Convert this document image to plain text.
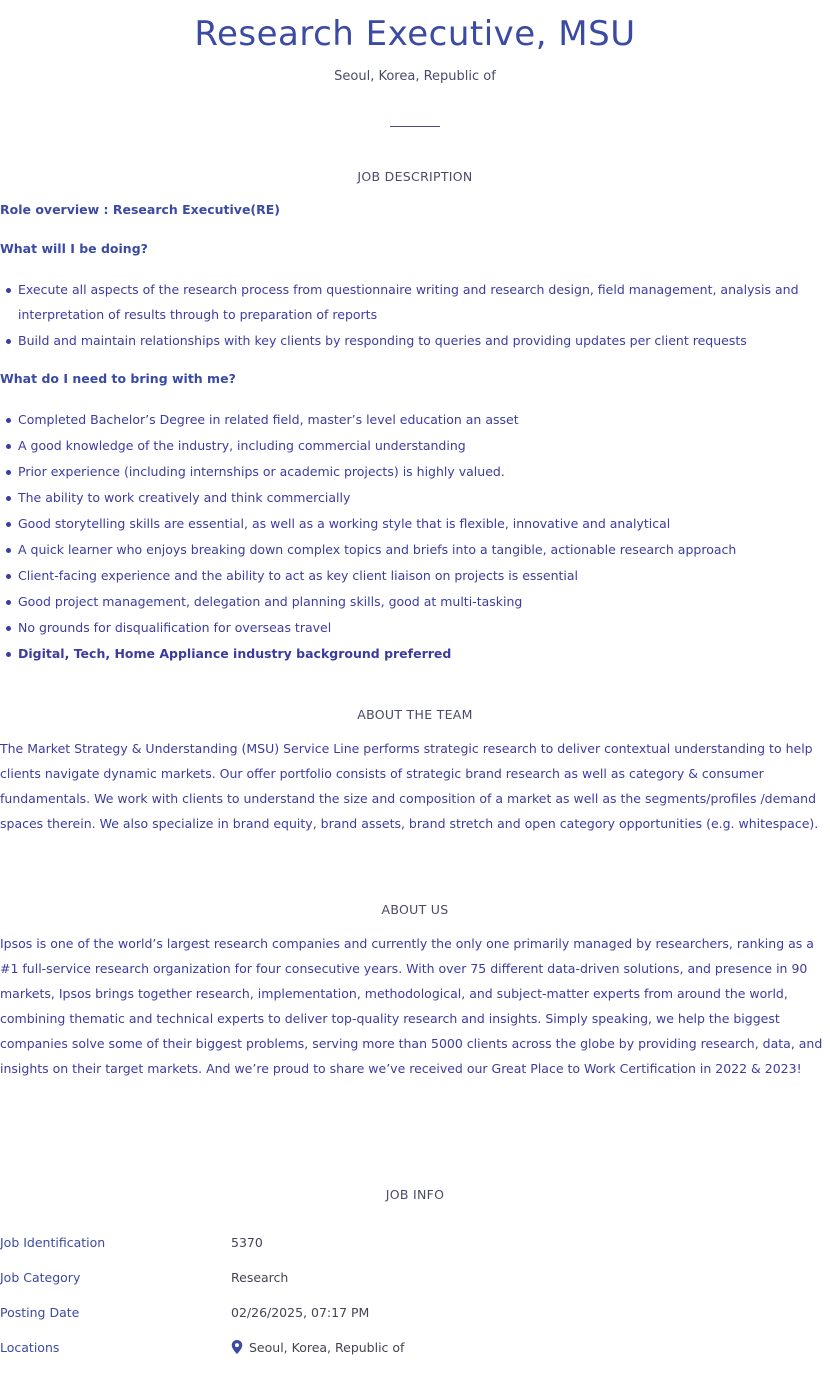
Research Executive, MSU
Seoul, Korea, Republic of
JOB DESCRIPTION
Role overview : Research Executive(RE)
What will I be doing?
Execute all aspects of the research process from questionnaire writing and research design, field management, analysis and interpretation of results through to preparation of reports
Build and maintain relationships with key clients by responding to queries and providing updates per client requests
What do I need to bring with me?
Completed Bachelor’s Degree in related field, master’s level education an asset
A good knowledge of the industry, including commercial understanding
Prior experience (including internships or academic projects) is highly valued.
The ability to work creatively and think commercially
Good storytelling skills are essential, as well as a working style that is flexible, innovative and analytical
A quick learner who enjoys breaking down complex topics and briefs into a tangible, actionable research approach
Client-facing experience and the ability to act as key client liaison on projects is essential
Good project management, delegation and planning skills, good at multi-tasking
No grounds for disqualification for overseas travel
Digital, Tech, Home Appliance industry background preferred
ABOUT THE TEAM

The Market Strategy & Understanding (MSU) Service Line performs strategic research to deliver contextual understanding to help clients navigate dynamic markets. Our offer portfolio consists of strategic brand research as well as category & consumer fundamentals. We work with clients to understand the size and composition of a market as well as the segments/profiles /demand spaces therein. We also specialize in brand equity, brand assets, brand stretch and open category opportunities (e.g. whitespace).

ABOUT US

Ipsos is one of the world’s largest research companies and currently the only one primarily managed by researchers, ranking as a #1 full-service research organization for four consecutive years. With over 75 different data-driven solutions, and presence in 90 markets, Ipsos brings together research, implementation, methodological, and subject-matter experts from around the world, combining thematic and technical experts to deliver top-quality research and insights. Simply speaking, we help the biggest companies solve some of their biggest problems, serving more than 5000 clients across the globe by providing research, data, and insights on their target markets. And we’re proud to share we’ve received our Great Place to Work Certification in 2022 & 2023!

JOB INFO
Job Identification	5370
Job Category	Research
Posting Date	02/26/2025, 07:17 PM
Locations	Seoul, Korea, Republic of
